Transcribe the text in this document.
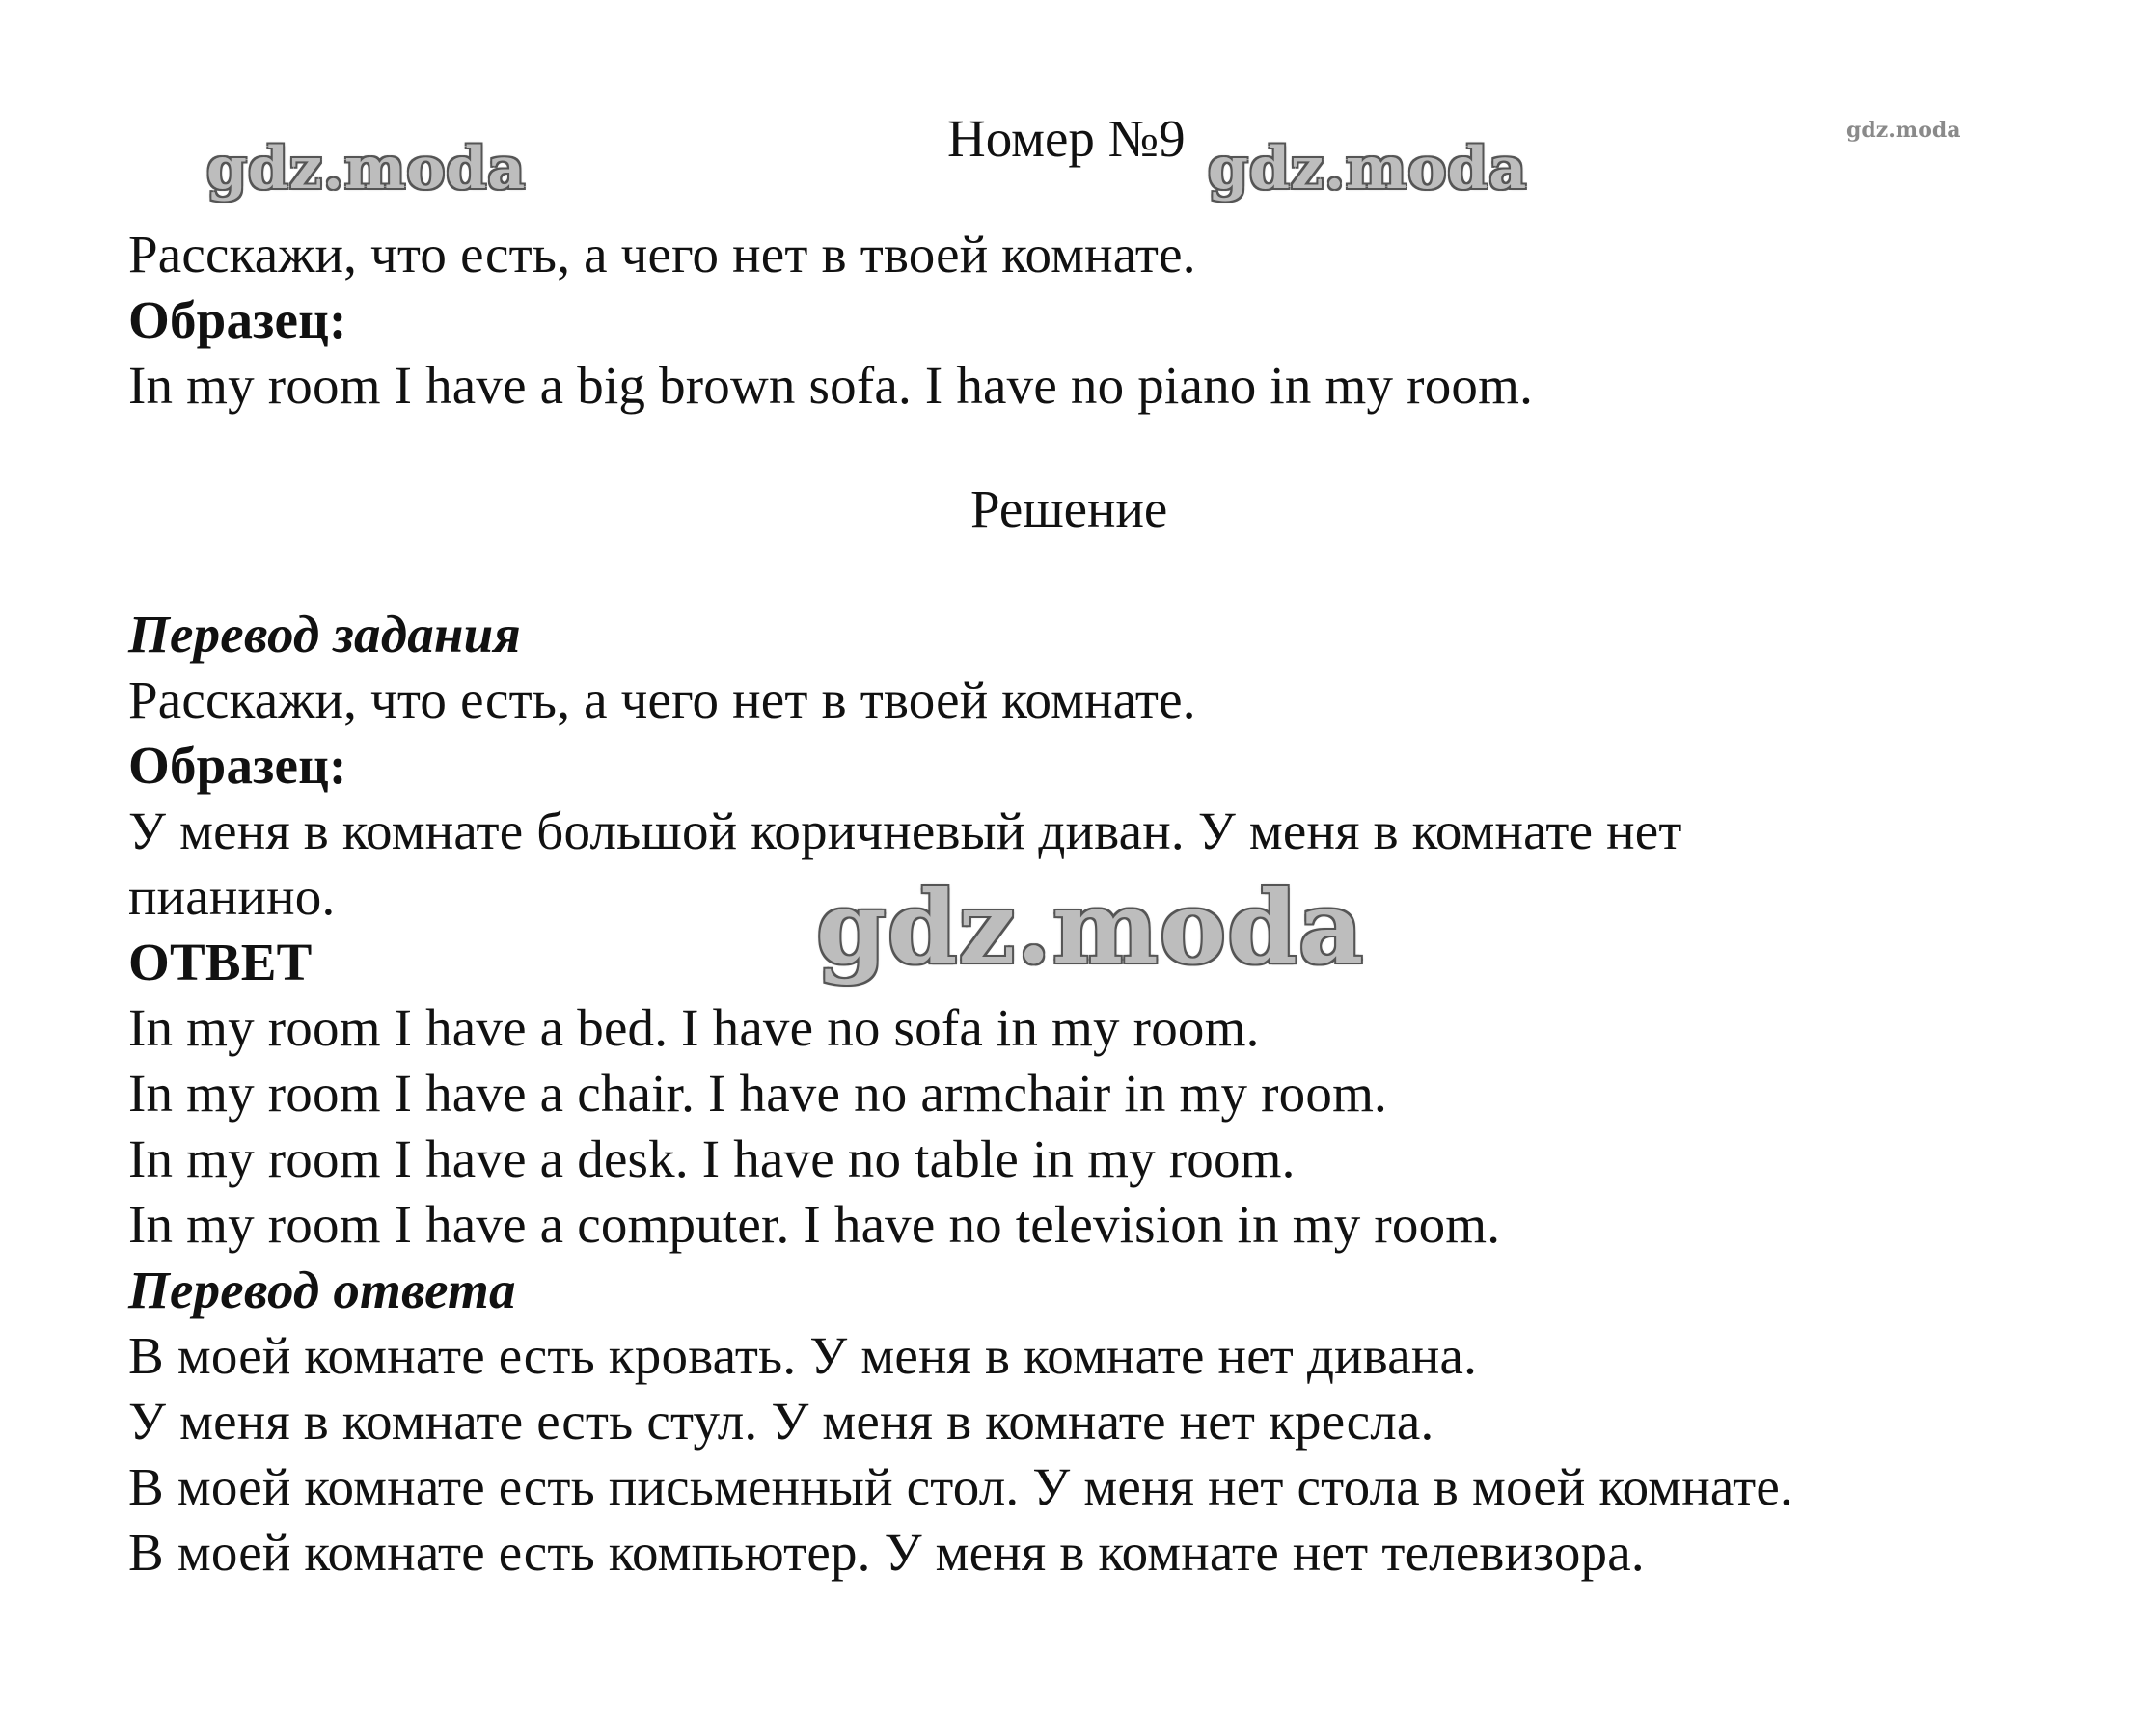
gdz.moda	gdz.moda
gdz.moda
Номер №9
Расскажи, что есть, а чего нет в твоей комнате.
Образец:
In my room I have a big brown sofa. I have no piano in my room.
Решение
Перевод задания
Расскажи, что есть, а чего нет в твоей комнате.
Образец:
У меня в комнате большой коричневый диван. У меня в комнате нет
пианино.	gdz.moda
ОТВЕТ
In my room I have a bed. I have no sofa in my room.
In my room I have a chair. I have no armchair in my room.
In my room I have a desk. I have no table in my room.
In my room I have a computer. I have no television in my room.
Перевод ответа
В моей комнате есть кровать. У меня в комнате нет дивана.
У меня в комнате есть стул. У меня в комнате нет кресла.
В моей комнате есть письменный стол. У меня нет стола в моей комнате.
В моей комнате есть компьютер. У меня в комнате нет телевизора.
